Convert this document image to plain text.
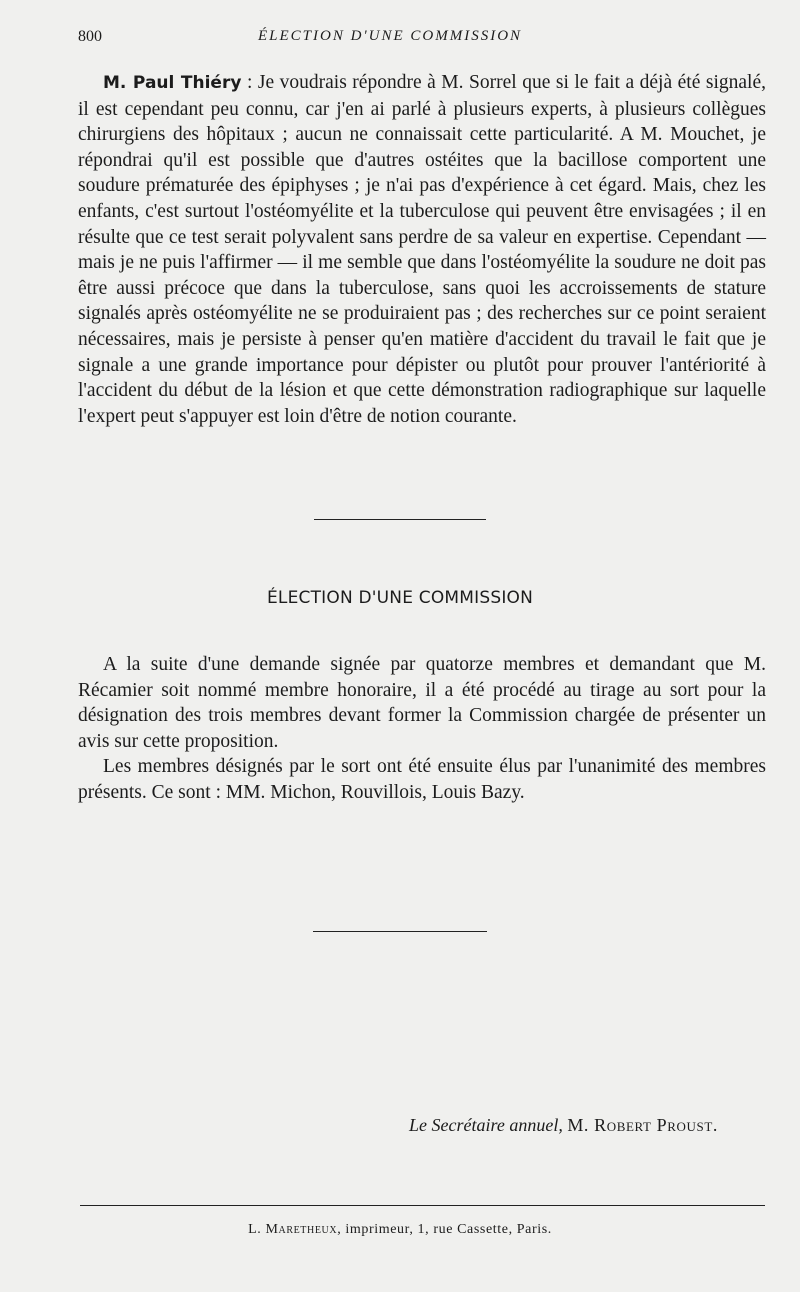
800	ÉLECTION D'UNE COMMISSION

M. Paul Thiéry : Je voudrais répondre à M. Sorrel que si le fait a déjà été signalé, il est cependant peu connu, car j'en ai parlé à plusieurs experts, à plusieurs collègues chirurgiens des hôpitaux ; aucun ne connaissait cette particularité. A M. Mouchet, je répondrai qu'il est possible que d'autres ostéites que la bacillose comportent une soudure prématurée des épiphyses ; je n'ai pas d'expérience à cet égard. Mais, chez les enfants, c'est surtout l'ostéomyélite et la tuberculose qui peuvent être envisagées ; il en résulte que ce test serait polyvalent sans perdre de sa valeur en expertise. Cependant — mais je ne puis l'affirmer — il me semble que dans l'ostéomyélite la soudure ne doit pas être aussi précoce que dans la tuberculose, sans quoi les accroissements de stature signalés après ostéomyélite ne se produiraient pas ; des recherches sur ce point seraient nécessaires, mais je persiste à penser qu'en matière d'accident du travail le fait que je signale a une grande importance pour dépister ou plutôt pour prouver l'antériorité à l'accident du début de la lésion et que cette démonstration radiographique sur laquelle l'expert peut s'appuyer est loin d'être de notion courante.

ÉLECTION D'UNE COMMISSION

A la suite d'une demande signée par quatorze membres et demandant que M. Récamier soit nommé membre honoraire, il a été procédé au tirage au sort pour la désignation des trois membres devant former la Commission chargée de présenter un avis sur cette proposition.

Les membres désignés par le sort ont été ensuite élus par l'unanimité des membres présents. Ce sont : MM. Michon, Rouvillois, Louis Bazy.

Le Secrétaire annuel, M. Robert Proust.
L. Maretheux, imprimeur, 1, rue Cassette, Paris.
